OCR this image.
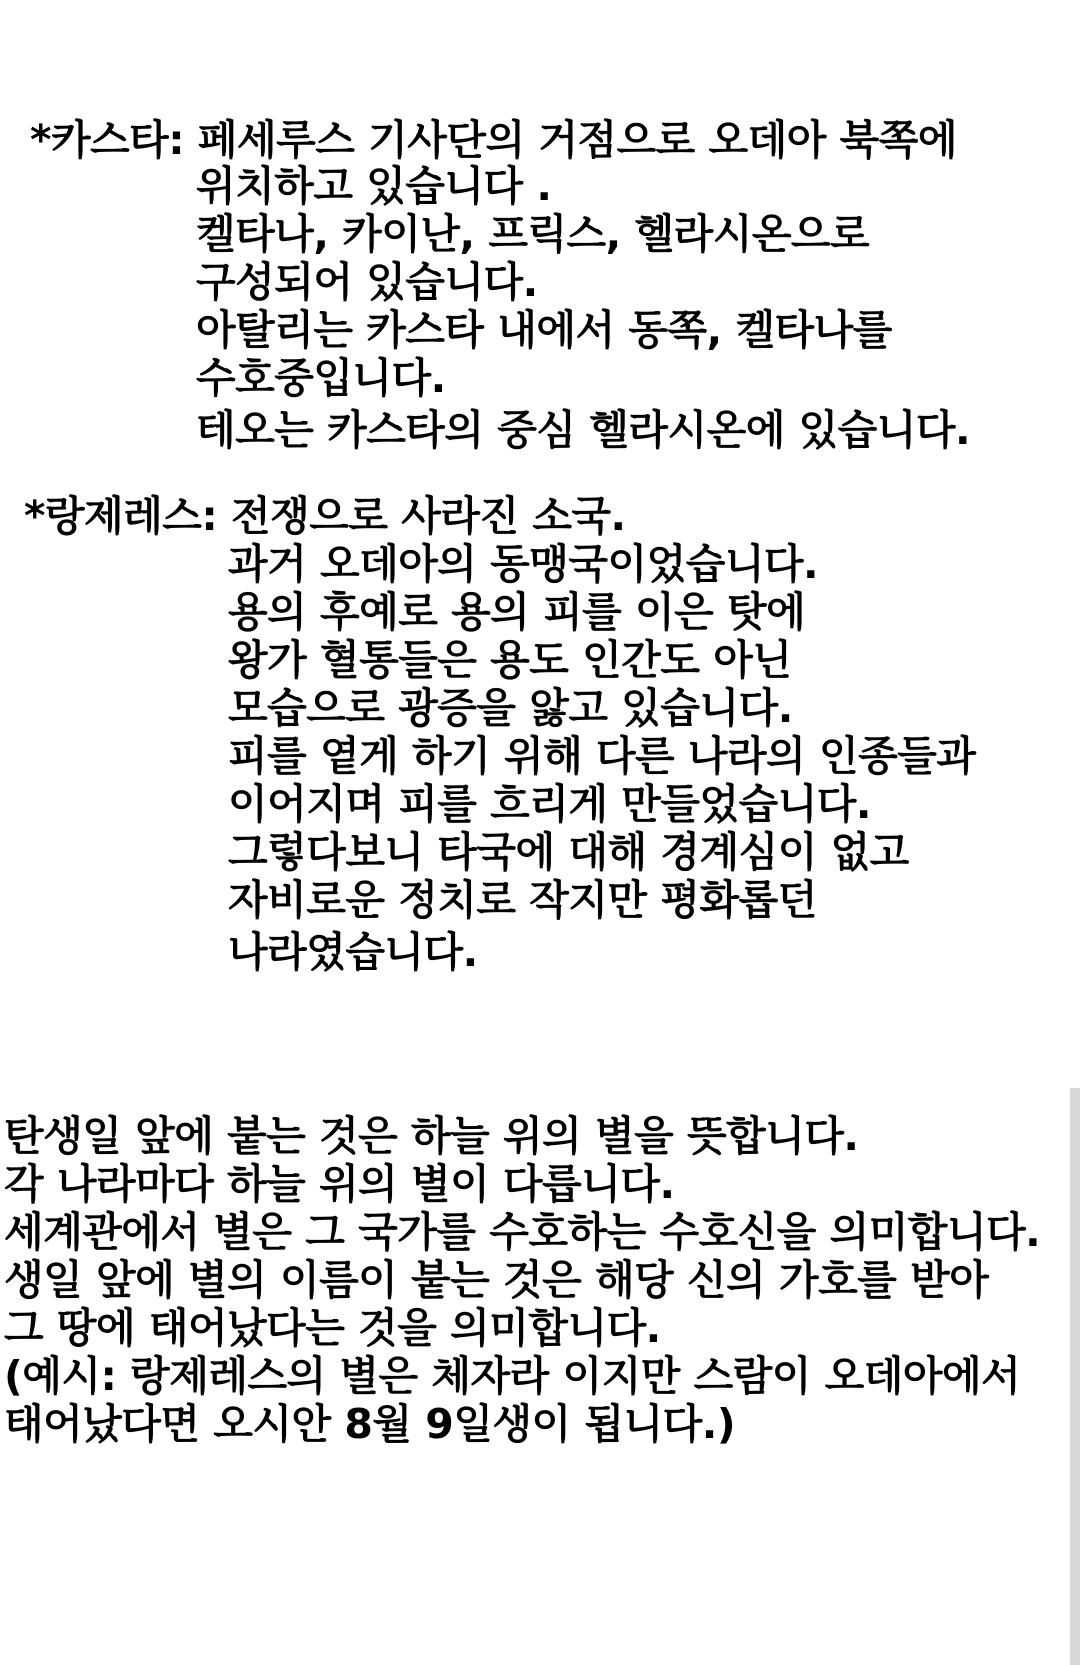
*카스타: 페세루스 기사단의 거점으로 오데아 북쪽에

위치하고 있습니다 .

켈타나, 카이난, 프릭스, 헬라시온으로

구성되어 있습니다.

아탈리는 카스타 내에서 동쪽, 켈타나를

수호중입니다.

테오는 카스타의 중심 헬라시온에 있습니다.

*랑제레스: 전쟁으로 사라진 소국.

과거 오데아의 동맹국이었습니다.

용의 후예로 용의 피를 이은 탓에

왕가 혈통들은 용도 인간도 아닌

모습으로 광증을 앓고 있습니다.

피를 옅게 하기 위해 다른 나라의 인종들과

이어지며 피를 흐리게 만들었습니다.

그렇다보니 타국에 대해 경계심이 없고

자비로운 정치로 작지만 평화롭던

나라였습니다.

탄생일 앞에 붙는 것은 하늘 위의 별을 뜻합니다.

각 나라마다 하늘 위의 별이 다릅니다.

세계관에서 별은 그 국가를 수호하는 수호신을 의미합니다.

생일 앞에 별의 이름이 붙는 것은 해당 신의 가호를 받아

그 땅에 태어났다는 것을 의미합니다.

(예시: 랑제레스의 별은 체자라 이지만 스람이 오데아에서

태어났다면 오시안 8월 9일생이 됩니다.)
